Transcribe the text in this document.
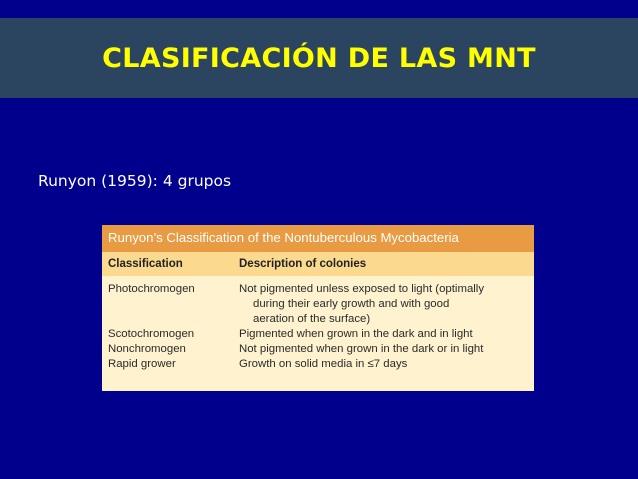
CLASIFICACIÓN DE LAS MNT
Runyon (1959): 4 grupos
Runyon’s Classification of the Nontuberculous Mycobacteria
Classification	Description of colonies
Photochromogen	Not pigmented unless exposed to light (optimally
during their early growth and with good
aeration of the surface)
Scotochromogen	Pigmented when grown in the dark and in light
Nonchromogen	Not pigmented when grown in the dark or in light
Rapid grower	Growth on solid media in ≤7 days
